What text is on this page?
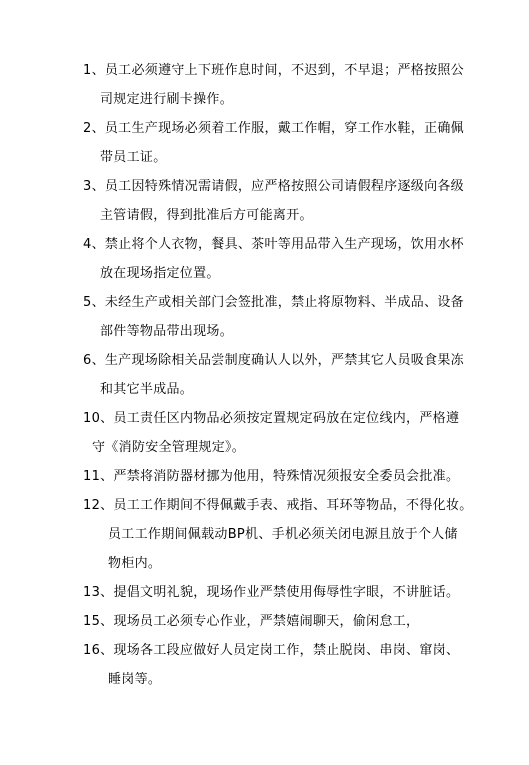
1、员工必须遵守上下班作息时间，不迟到，不早退；严格按照公
司规定进行刷卡操作。
2、员工生产现场必须着工作服，戴工作帽，穿工作水鞋，正确佩
带员工证。
3、员工因特殊情况需请假，应严格按照公司请假程序逐级向各级
主管请假，得到批准后方可能离开。
4、禁止将个人衣物，餐具、茶叶等用品带入生产现场，饮用水杯
放在现场指定位置。
5、未经生产或相关部门会签批准，禁止将原物料、半成品、设备
部件等物品带出现场。
6、生产现场除相关品尝制度确认人以外，严禁其它人员吸食果冻
和其它半成品。
10、员工责任区内物品必须按定置规定码放在定位线内，严格遵
守《消防安全管理规定》。
11、严禁将消防器材挪为他用，特殊情况须报安全委员会批准。
12、员工工作期间不得佩戴手表、戒指、耳环等物品，不得化妆。
员工工作期间佩载动BP机、手机必须关闭电源且放于个人储
物柜内。
13、提倡文明礼貌，现场作业严禁使用侮辱性字眼，不讲脏话。
15、现场员工必须专心作业，严禁嬉闹聊天，偷闲怠工，
16、现场各工段应做好人员定岗工作，禁止脱岗、串岗、窜岗、
睡岗等。
